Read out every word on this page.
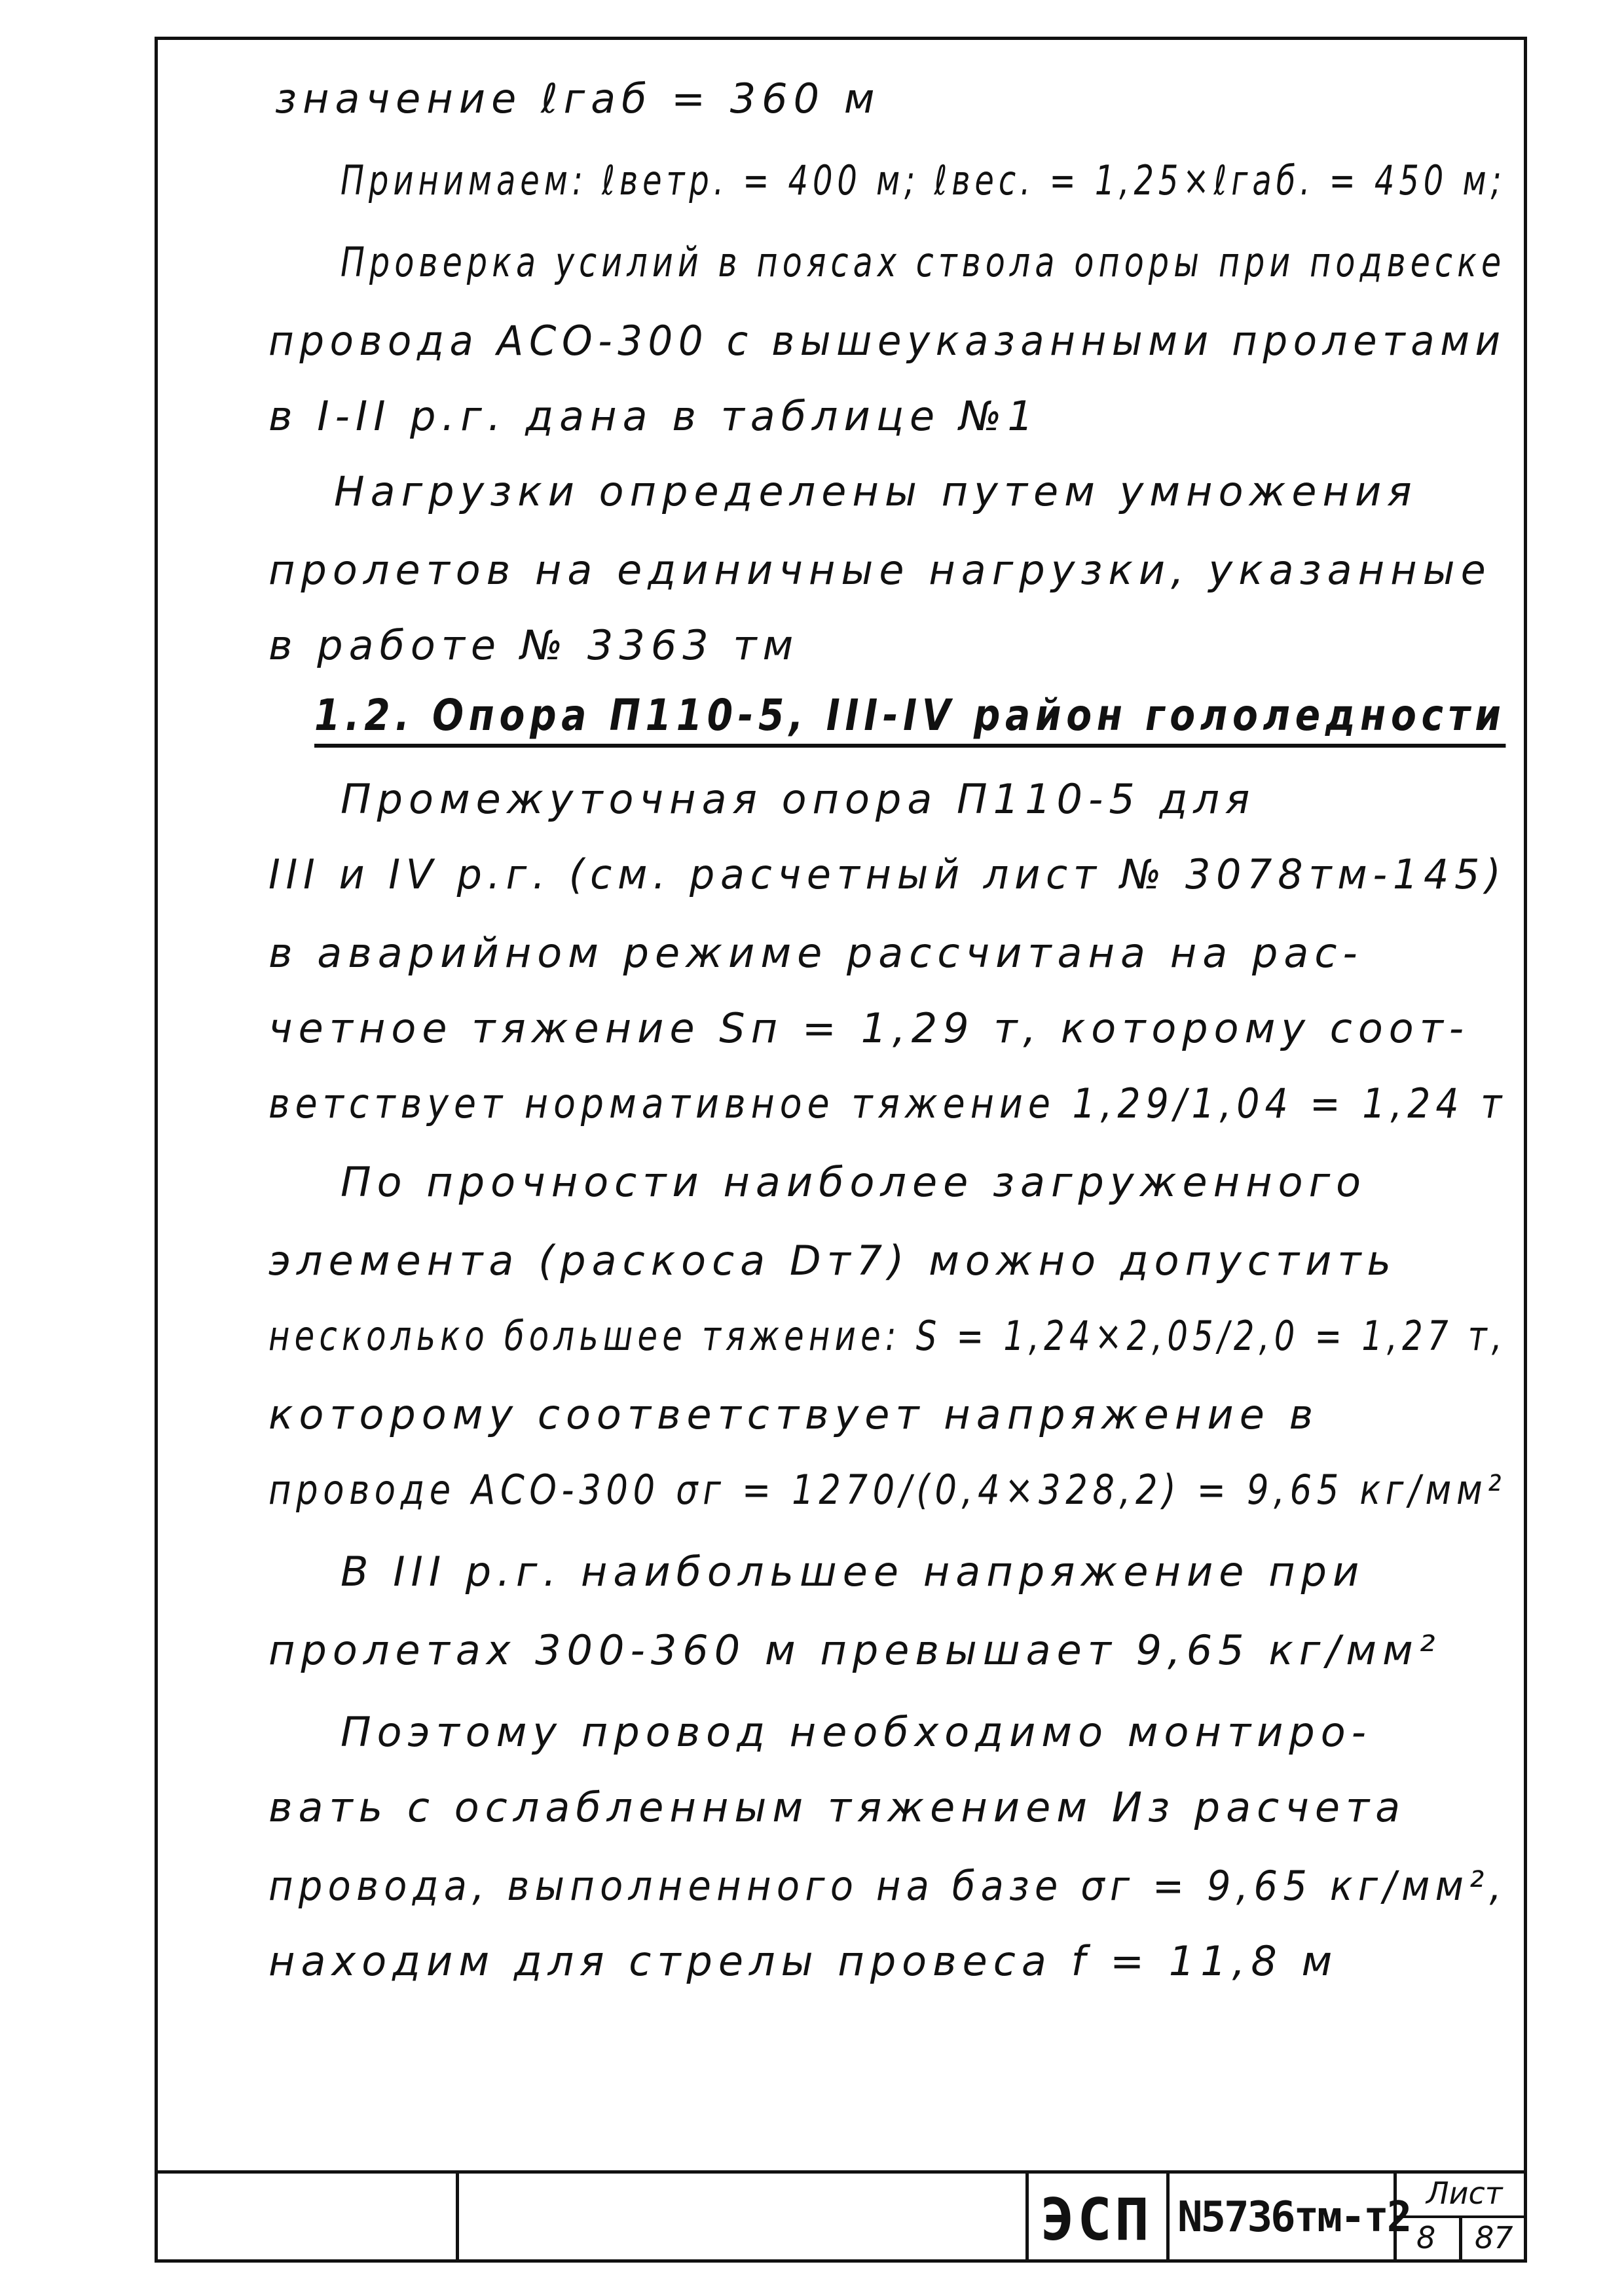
значение ℓгаб = 360 м
Принимаем: ℓветр. = 400 м; ℓвес. = 1,25×ℓгаб. = 450 м;
Проверка усилий в поясах ствола опоры при подвеске
провода АСО-300 с вышеуказанными пролетами
в I-II р.г. дана в таблице №1
Нагрузки определены путем умножения
пролетов на единичные нагрузки, указанные
в работе № 3363 тм
1.2. Опора П110-5, III-IV район гололедности
Промежуточная опора П110-5 для
III и IV р.г. (см. расчетный лист № 3078тм-145)
в аварийном режиме рассчитана на рас-
четное тяжение Sп = 1,29 т, которому соот-
ветствует нормативное тяжение 1,29/1,04 = 1,24 т
По прочности наиболее загруженного
элемента (раскоса Dт7) можно допустить
несколько большее тяжение: S = 1,24×2,05/2,0 = 1,27 т,
которому соответствует напряжение в
проводе АСО-300 σг = 1270/(0,4×328,2) = 9,65 кг/мм²
В III р.г. наибольшее напряжение при
пролетах 300-360 м превышает 9,65 кг/мм²
Поэтому провод необходимо монтиро-
вать с ослабленным тяжением Из расчета
провода, выполненного на базе σг = 9,65 кг/мм²,
находим для стрелы провеса f = 11,8 м
ЭСП N5736тм-т2 Лист
8 87
